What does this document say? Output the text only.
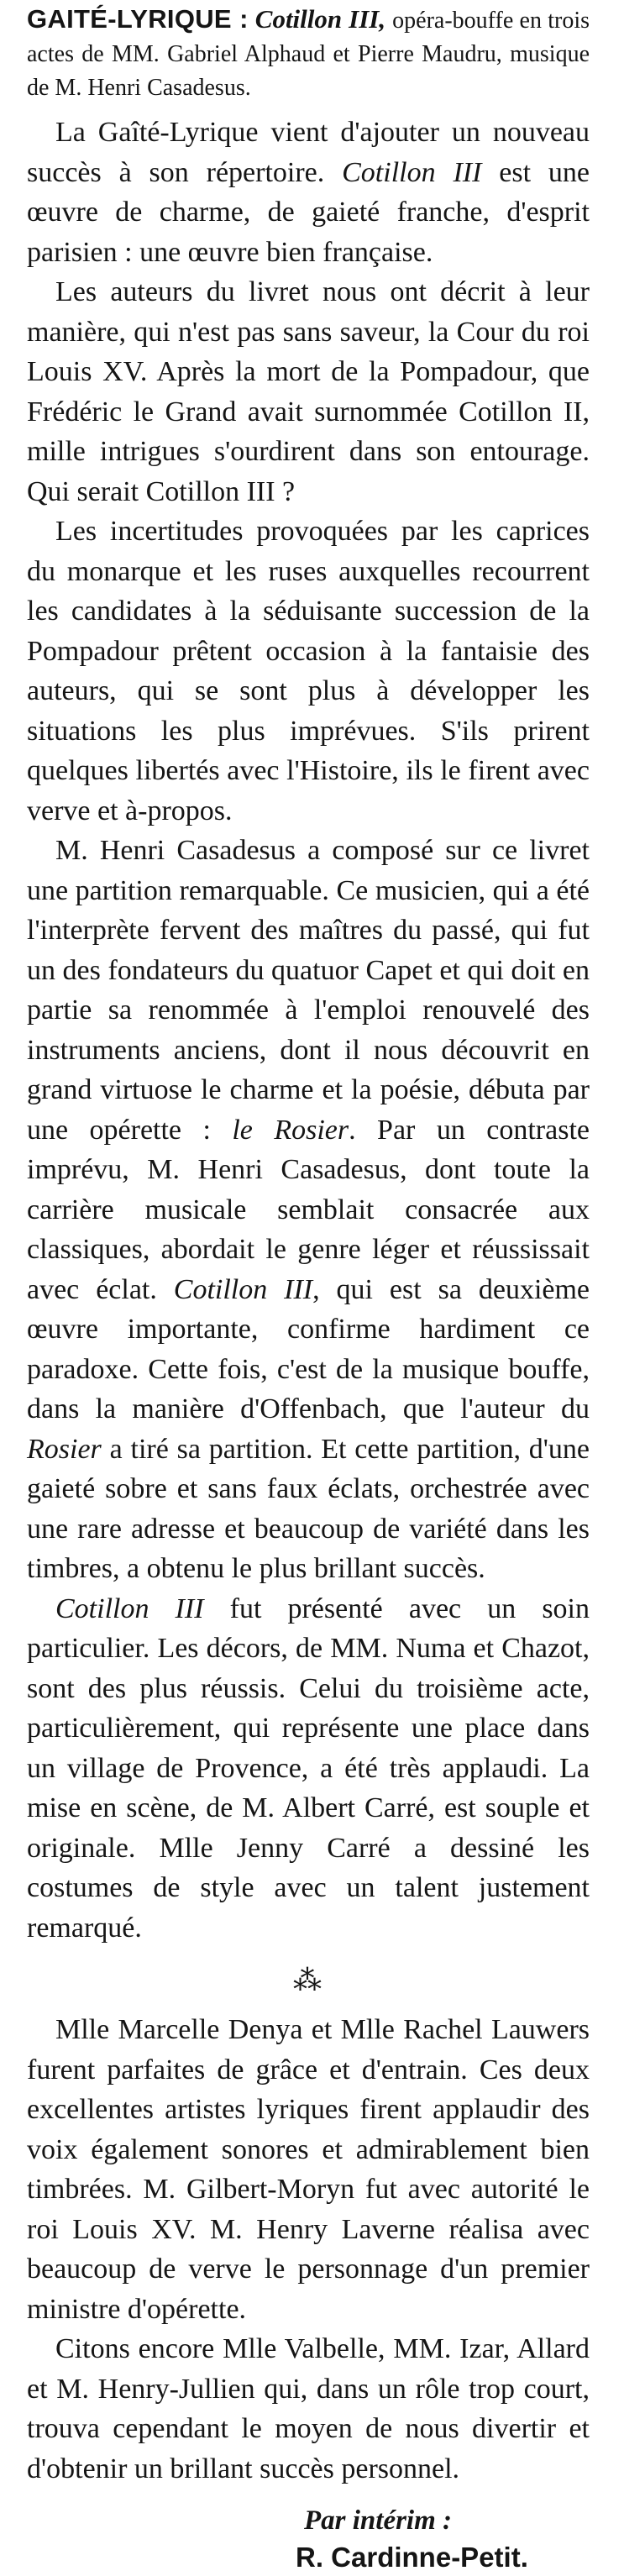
GAITÉ-LYRIQUE : Cotillon III, opéra-bouffe en trois actes de MM. Gabriel Alphaud et Pierre Maudru, musique de M. Henri Casadesus.

La Gaîté-Lyrique vient d'ajouter un nouveau succès à son répertoire. Cotillon III est une œuvre de charme, de gaieté franche, d'esprit parisien : une œuvre bien française.

Les auteurs du livret nous ont décrit à leur manière, qui n'est pas sans saveur, la Cour du roi Louis XV. Après la mort de la Pompadour, que Frédéric le Grand avait surnommée Cotillon II, mille intrigues s'ourdirent dans son entourage. Qui serait Cotillon III ?

Les incertitudes provoquées par les caprices du monarque et les ruses auxquelles recourrent les candidates à la séduisante succession de la Pompadour prêtent occasion à la fantaisie des auteurs, qui se sont plus à développer les situations les plus imprévues. S'ils prirent quelques libertés avec l'Histoire, ils le firent avec verve et à-propos.

M. Henri Casadesus a composé sur ce livret une partition remarquable. Ce musicien, qui a été l'interprète fervent des maîtres du passé, qui fut un des fondateurs du quatuor Capet et qui doit en partie sa renommée à l'emploi renouvelé des instruments anciens, dont il nous découvrit en grand virtuose le charme et la poésie, débuta par une opérette : le Rosier. Par un contraste imprévu, M. Henri Casadesus, dont toute la carrière musicale semblait consacrée aux classiques, abordait le genre léger et réussissait avec éclat. Cotillon III, qui est sa deuxième œuvre importante, confirme hardiment ce paradoxe. Cette fois, c'est de la musique bouffe, dans la manière d'Offenbach, que l'auteur du Rosier a tiré sa partition. Et cette partition, d'une gaieté sobre et sans faux éclats, orchestrée avec une rare adresse et beaucoup de variété dans les timbres, a obtenu le plus brillant succès.

Cotillon III fut présenté avec un soin particulier. Les décors, de MM. Numa et Chazot, sont des plus réussis. Celui du troisième acte, particulièrement, qui représente une place dans un village de Provence, a été très applaudi. La mise en scène, de M. Albert Carré, est souple et originale. Mlle Jenny Carré a dessiné les costumes de style avec un talent justement remarqué.

⁂

Mlle Marcelle Denya et Mlle Rachel Lauwers furent parfaites de grâce et d'entrain. Ces deux excellentes artistes lyriques firent applaudir des voix également sonores et admirablement bien timbrées. M. Gilbert-Moryn fut avec autorité le roi Louis XV. M. Henry Laverne réalisa avec beaucoup de verve le personnage d'un premier ministre d'opérette.

Citons encore Mlle Valbelle, MM. Izar, Allard et M. Henry-Jullien qui, dans un rôle trop court, trouva cependant le moyen de nous divertir et d'obtenir un brillant succès personnel.

Par intérim :
R. Cardinne-Petit.
